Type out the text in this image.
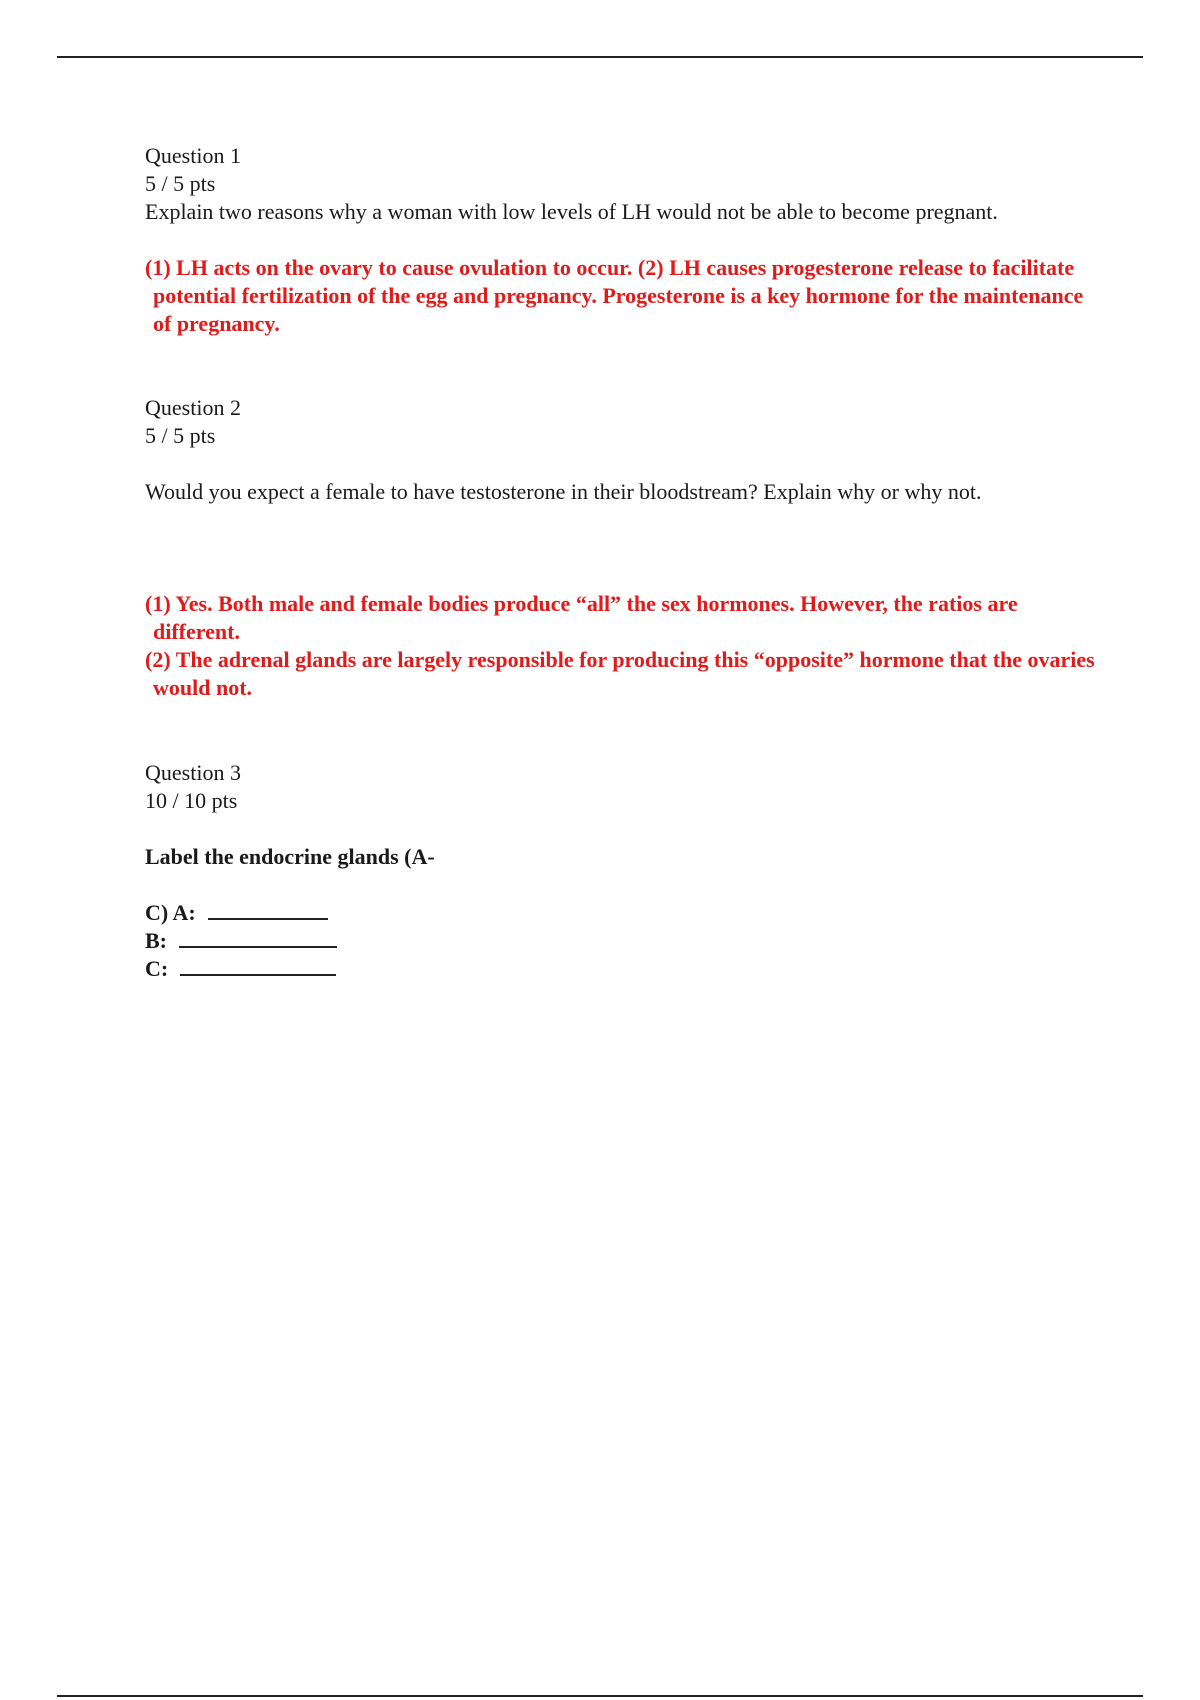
Question 1
5 / 5 pts
Explain two reasons why a woman with low levels of LH would not be able to become pregnant.

(1) LH acts on the ovary to cause ovulation to occur. (2) LH causes progesterone release to facilitate potential fertilization of the egg and pregnancy. Progesterone is a key hormone for the maintenance of pregnancy.

Question 2
5 / 5 pts
Would you expect a female to have testosterone in their bloodstream? Explain why or why not.

(1) Yes. Both male and female bodies produce “all” the sex hormones. However, the ratios are different.

(2) The adrenal glands are largely responsible for producing this “opposite” hormone that the ovaries would not.

Question 3
10 / 10 pts
Label the endocrine glands (A-
C) A:
B:
C:
